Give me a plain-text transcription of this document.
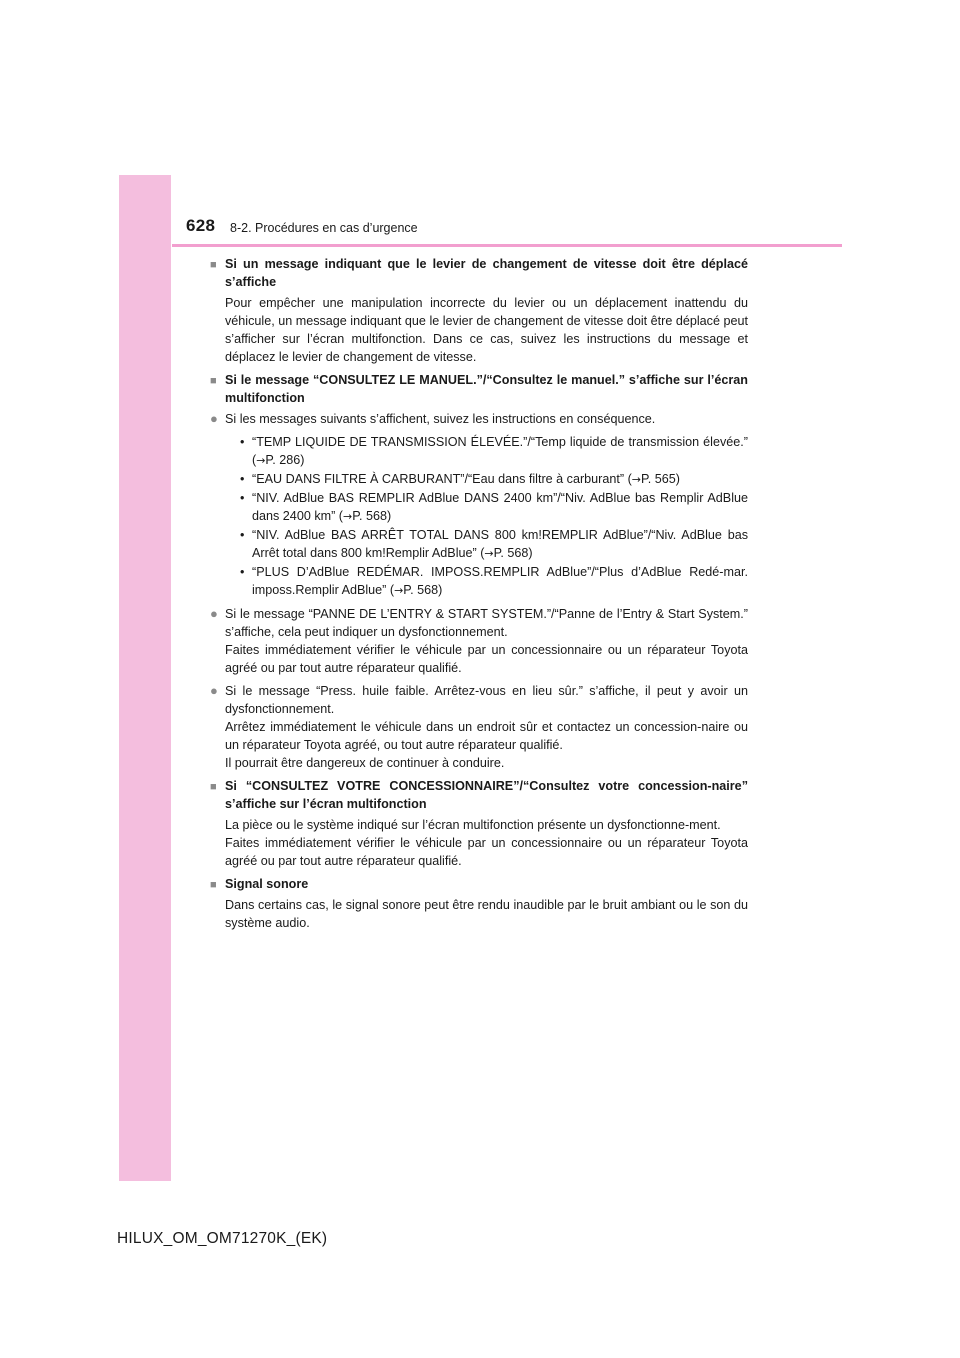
628 8-2. Procédures en cas d’urgence
■ Si un message indiquant que le levier de changement de vitesse doit être déplacé s’affiche
Pour empêcher une manipulation incorrecte du levier ou un déplacement inattendu du véhicule, un message indiquant que le levier de changement de vitesse doit être déplacé peut s’afficher sur l’écran multifonction. Dans ce cas, suivez les instructions du message et déplacez le levier de changement de vitesse.
■ Si le message “CONSULTEZ LE MANUEL.”/“Consultez le manuel.” s’affiche sur l’écran multifonction
● Si les messages suivants s’affichent, suivez les instructions en conséquence.
• “TEMP LIQUIDE DE TRANSMISSION ÉLEVÉE.”/“Temp liquide de transmission élevée.” (→P. 286)
• “EAU DANS FILTRE À CARBURANT”/“Eau dans filtre à carburant” (→P. 565)
• “NIV. AdBlue BAS REMPLIR AdBlue DANS 2400 km”/“Niv. AdBlue bas Remplir AdBlue dans 2400 km” (→P. 568)
• “NIV. AdBlue BAS ARRÊT TOTAL DANS 800 km!REMPLIR AdBlue”/“Niv. AdBlue bas Arrêt total dans 800 km!Remplir AdBlue” (→P. 568)
• “PLUS D’AdBlue REDÉMAR. IMPOSS.REMPLIR AdBlue”/“Plus d’AdBlue Redé-mar. imposs.Remplir AdBlue” (→P. 568)
● Si le message “PANNE DE L’ENTRY & START SYSTEM.”/“Panne de l’Entry & Start System.” s’affiche, cela peut indiquer un dysfonctionnement.
Faites immédiatement vérifier le véhicule par un concessionnaire ou un réparateur Toyota agréé ou par tout autre réparateur qualifié.
● Si le message “Press. huile faible. Arrêtez-vous en lieu sûr.” s’affiche, il peut y avoir un dysfonctionnement.
Arrêtez immédiatement le véhicule dans un endroit sûr et contactez un concession-naire ou un réparateur Toyota agréé, ou tout autre réparateur qualifié.
Il pourrait être dangereux de continuer à conduire.
■ Si “CONSULTEZ VOTRE CONCESSIONNAIRE”/“Consultez votre concession-naire” s’affiche sur l’écran multifonction
La pièce ou le système indiqué sur l’écran multifonction présente un dysfonctionne-ment.
Faites immédiatement vérifier le véhicule par un concessionnaire ou un réparateur Toyota agréé ou par tout autre réparateur qualifié.
■ Signal sonore
Dans certains cas, le signal sonore peut être rendu inaudible par le bruit ambiant ou le son du système audio.
HILUX_OM_OM71270K_(EK)
